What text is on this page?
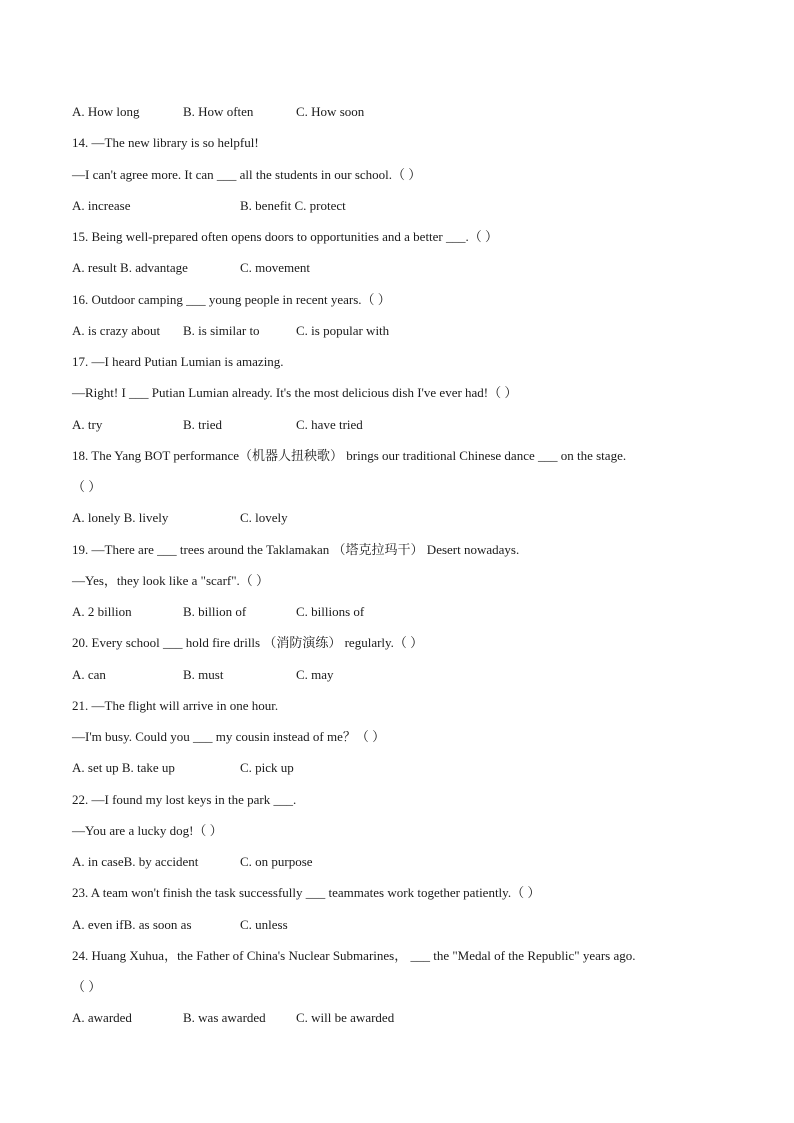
A. How long	B. How often	C. How soon
14. —The new library is so helpful!
—I can't agree more. It can ___ all the students in our school.（ ）
A. increase	B. benefit C. protect
15. Being well-prepared often opens doors to opportunities and a better ___.（ ）
A. result B. advantage	C. movement
16. Outdoor camping ___ young people in recent years.（ ）
A. is crazy about B. is similar to	C. is popular with
17. —I heard Putian Lumian is amazing.
—Right! I ___ Putian Lumian already. It's the most delicious dish I've ever had!（ ）
A. try	B. tried	C. have tried
18. The Yang BOT performance（机器人扭秧歌） brings our traditional Chinese dance ___ on the stage.
（ ）
A. lonely B. lively	C. lovely
19. —There are ___ trees around the Taklamakan （塔克拉玛干） Desert nowadays.
—Yes，they look like a "scarf".（ ）
A. 2 billion	B. billion of	C. billions of
20. Every school ___ hold fire drills （消防演练） regularly.（ ）
A. can	B. must	C. may
21. —The flight will arrive in one hour.
—I'm busy. Could you ___ my cousin instead of me？（ ）
A. set up B. take up	C. pick up
22. —I found my lost keys in the park ___.
—You are a lucky dog!（ ）
A. in caseB. by accident	C. on purpose
23. A team won't finish the task successfully ___ teammates work together patiently.（ ）
A. even ifB. as soon as	C. unless
24. Huang Xuhua，the Father of China's Nuclear Submarines， ___ the "Medal of the Republic" years ago.
（ ）
A. awarded	B. was awarded C. will be awarded
